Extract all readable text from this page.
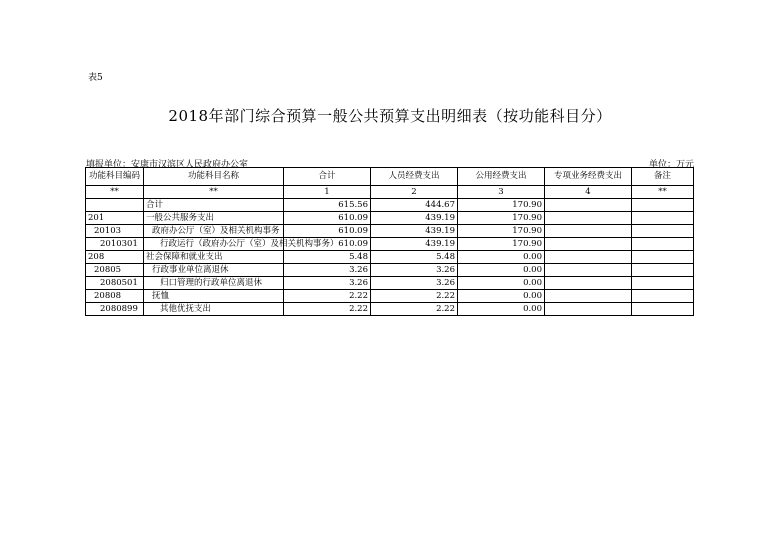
表5
2018年部门综合预算一般公共预算支出明细表（按功能科目分）
填报单位：安康市汉滨区人民政府办公室	单位：万元
功能科目编码	功能科目名称	合计	人员经费支出	公用经费支出	专项业务经费支出	备注
**	**	1	2	3	4	**
	合计	615.56	444.67	170.90		
201	一般公共服务支出	610.09	439.19	170.90		
20103	政府办公厅（室）及相关机构事务	610.09	439.19	170.90		
2010301	行政运行（政府办公厅（室）及相关机构事务）	610.09	439.19	170.90		
208	社会保障和就业支出	5.48	5.48	0.00		
20805	行政事业单位离退休	3.26	3.26	0.00		
2080501	归口管理的行政单位离退休	3.26	3.26	0.00		
20808	抚恤	2.22	2.22	0.00		
2080899	其他优抚支出	2.22	2.22	0.00		
